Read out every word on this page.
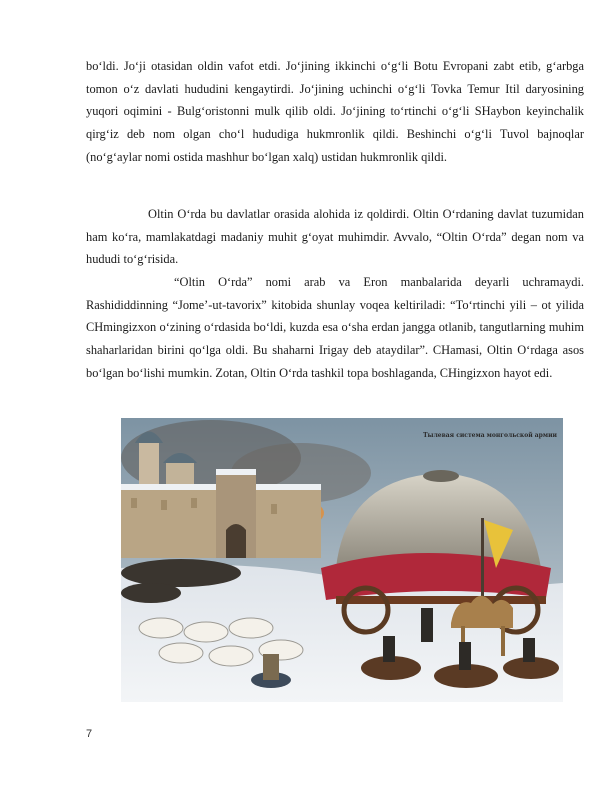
bo‘ldi. Jo‘ji otasidan oldin vafot etdi. Jo‘jining ikkinchi o‘g‘li Botu Evropani zabt etib, g‘arbga tomon o‘z davlati hududini kengaytirdi. Jo‘jining uchinchi o‘g‘li Tovka Temur Itil daryosining yuqori oqimini - Bulg‘oristonni mulk qilib oldi. Jo‘jining to‘rtinchi o‘g‘li SHaybon keyinchalik qirg‘iz deb nom olgan cho‘l hududiga hukmronlik qildi. Beshinchi o‘g‘li Tuvol bajnoqlar (no‘g‘aylar nomi ostida mashhur bo‘lgan xalq) ustidan hukmronlik qildi.

Oltin O‘rda bu davlatlar orasida alohida iz qoldirdi. Oltin O‘rdaning davlat tuzumidan ham ko‘ra, mamlakatdagi madaniy muhit g‘oyat muhimdir. Avvalo, “Oltin O‘rda” degan nom va hududi to‘g‘risida.

“Oltin O‘rda” nomi arab va Eron manbalarida deyarli uchramaydi. Rashididdinning “Jome’-ut-tavorix” kitobida shunlay voqea keltiriladi: “To‘rtinchi yili – ot yilida CHmingizxon o‘zining o‘rdasida bo‘ldi, kuzda esa o‘sha erdan jangga otlanib, tangutlarning muhim shaharlaridan birini qo‘lga oldi. Bu shaharni Irigay deb ataydilar”. CHamasi, Oltin O‘rdaga asos bo‘lgan bo‘lishi mumkin. Zotan, Oltin O‘rda tashkil topa boshlaganda, CHingizxon hayot edi.

Тылевая система монгольской армии
7
